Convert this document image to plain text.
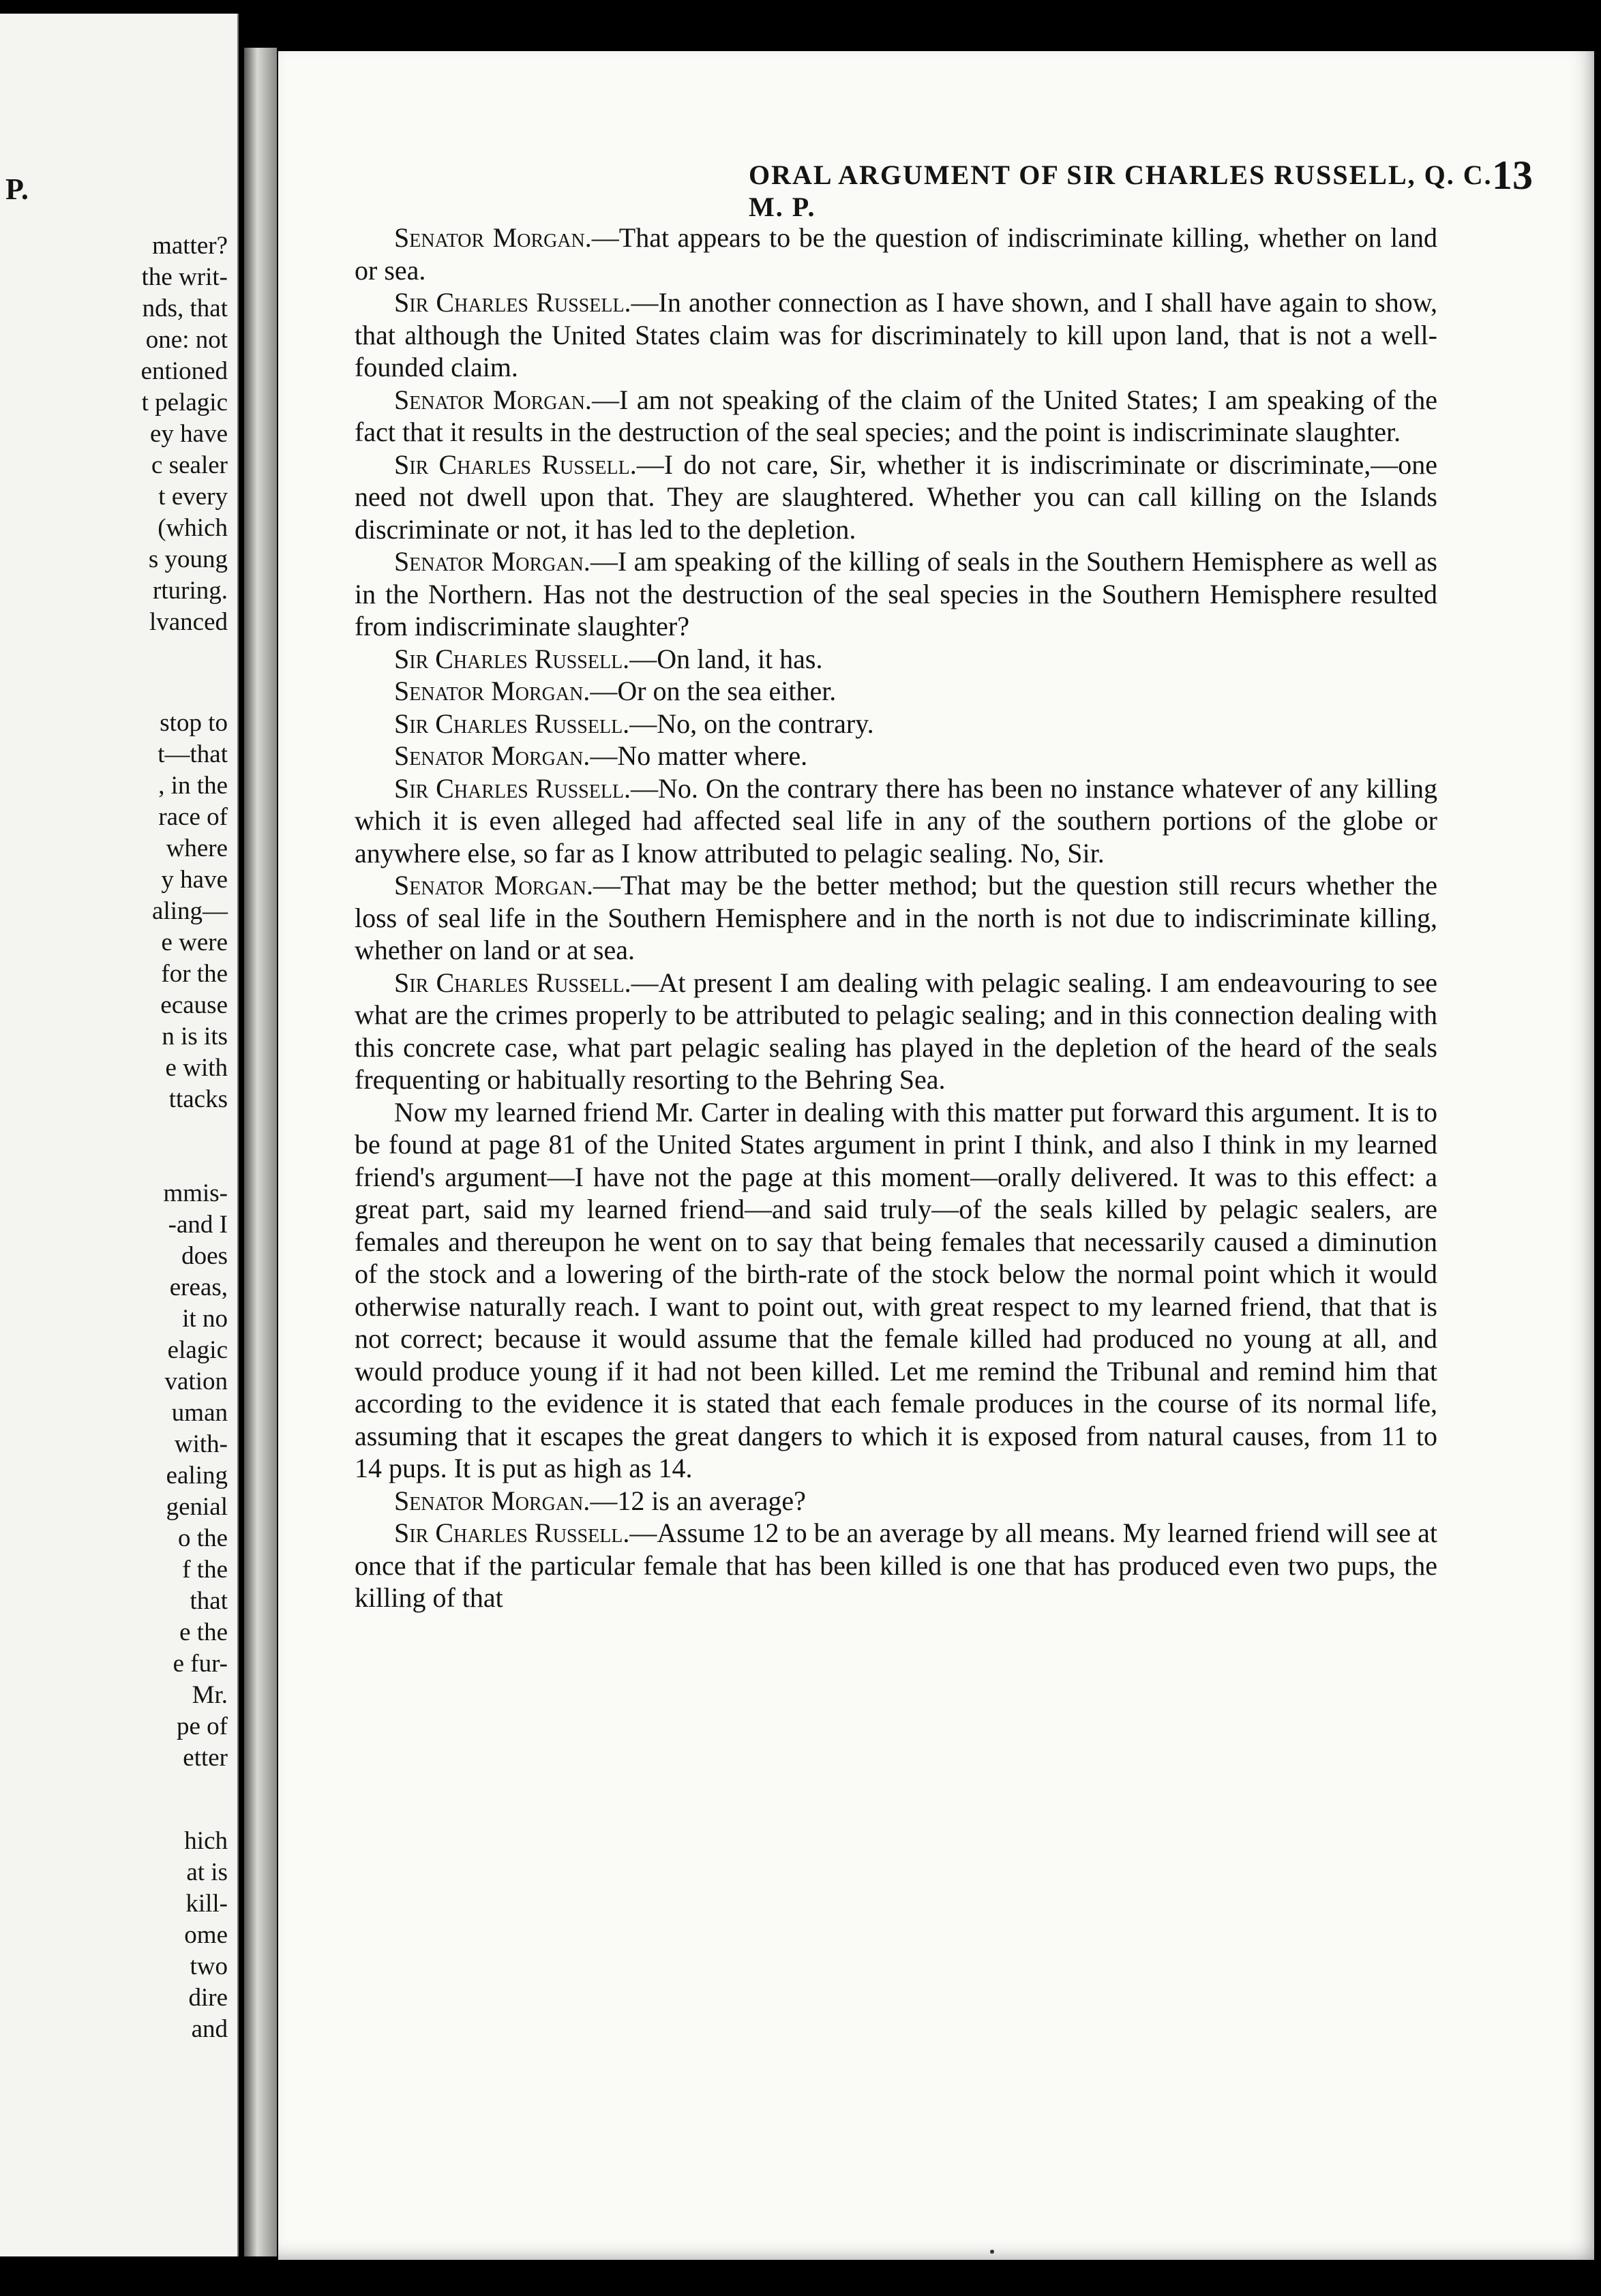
P.
matter?
the writ-
nds, that
one: not
entioned
t pelagic
ey have
c sealer
t every
(which
s young
rturing.
lvanced
stop to
t—that
, in the
race of
where
y have
aling—
e were
for the
ecause
n is its
e with
ttacks
mmis-
-and I
does
ereas,
it no
elagic
vation
uman
with-
ealing
genial
o the
f the
that
e the
e fur-
Mr.
pe of
etter
hich
at is
kill-
ome
two
dire
and
ORAL ARGUMENT OF SIR CHARLES RUSSELL, Q. C. M. P.
13

Senator Morgan.—That appears to be the question of indiscriminate killing, whether on land or sea.

Sir Charles Russell.—In another connection as I have shown, and I shall have again to show, that although the United States claim was for discriminately to kill upon land, that is not a well-founded claim.

Senator Morgan.—I am not speaking of the claim of the United States; I am speaking of the fact that it results in the destruction of the seal species; and the point is indiscriminate slaughter.

Sir Charles Russell.—I do not care, Sir, whether it is indiscriminate or discriminate,—one need not dwell upon that. They are slaughtered. Whether you can call killing on the Islands discriminate or not, it has led to the depletion.

Senator Morgan.—I am speaking of the killing of seals in the Southern Hemisphere as well as in the Northern. Has not the destruction of the seal species in the Southern Hemisphere resulted from indiscriminate slaughter?

Sir Charles Russell.—On land, it has.

Senator Morgan.—Or on the sea either.

Sir Charles Russell.—No, on the contrary.

Senator Morgan.—No matter where.

Sir Charles Russell.—No. On the contrary there has been no instance whatever of any killing which it is even alleged had affected seal life in any of the southern portions of the globe or anywhere else, so far as I know attributed to pelagic sealing. No, Sir.

Senator Morgan.—That may be the better method; but the question still recurs whether the loss of seal life in the Southern Hemisphere and in the north is not due to indiscriminate killing, whether on land or at sea.

Sir Charles Russell.—At present I am dealing with pelagic sealing. I am endeavouring to see what are the crimes properly to be attributed to pelagic sealing; and in this connection dealing with this concrete case, what part pelagic sealing has played in the depletion of the heard of the seals frequenting or habitually resorting to the Behring Sea.

Now my learned friend Mr. Carter in dealing with this matter put forward this argument. It is to be found at page 81 of the United States argument in print I think, and also I think in my learned friend's argument—I have not the page at this moment—orally delivered. It was to this effect: a great part, said my learned friend—and said truly—of the seals killed by pelagic sealers, are females and thereupon he went on to say that being females that necessarily caused a diminution of the stock and a lowering of the birth-rate of the stock below the normal point which it would otherwise naturally reach. I want to point out, with great respect to my learned friend, that that is not correct; because it would assume that the female killed had produced no young at all, and would produce young if it had not been killed. Let me remind the Tribunal and remind him that according to the evidence it is stated that each female produces in the course of its normal life, assuming that it escapes the great dangers to which it is exposed from natural causes, from 11 to 14 pups. It is put as high as 14.

Senator Morgan.—12 is an average?

Sir Charles Russell.—Assume 12 to be an average by all means. My learned friend will see at once that if the particular female that has been killed is one that has produced even two pups, the killing of that
